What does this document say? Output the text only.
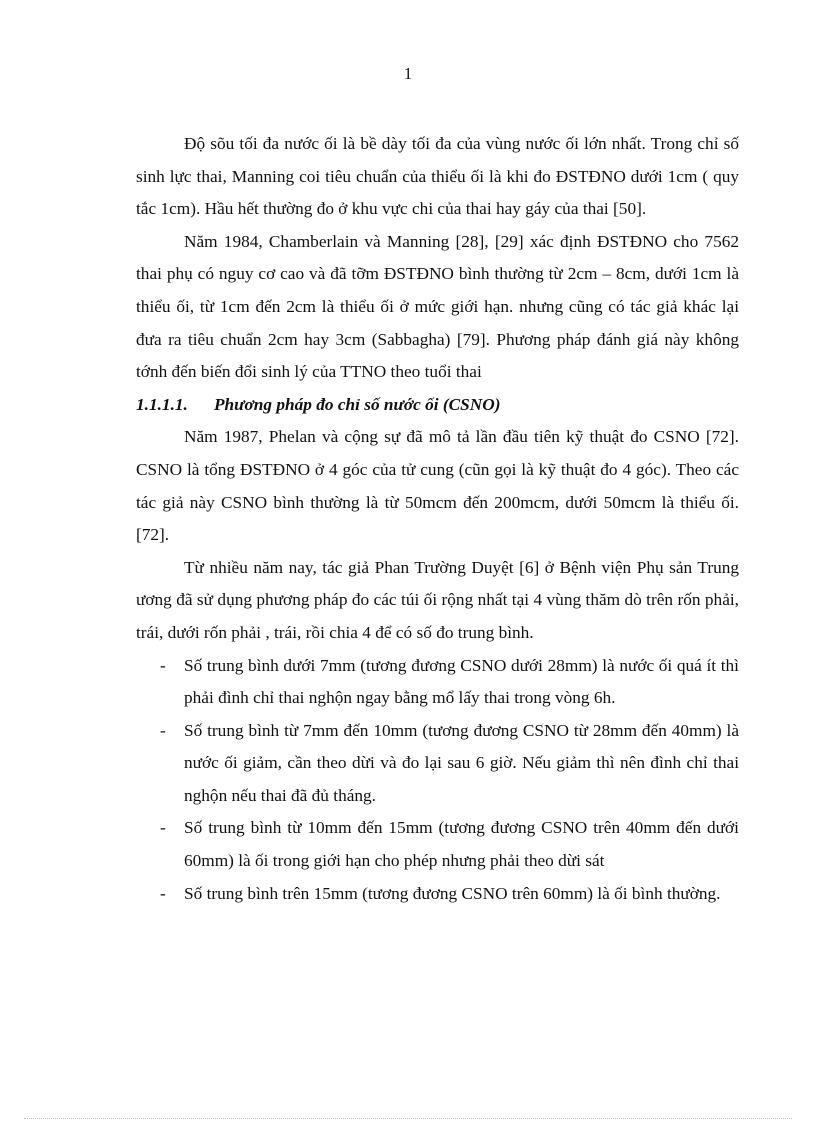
1

Độ sõu tối đa nước ối là bề dày tối đa của vùng nước ối lớn nhất. Trong chỉ số sinh lực thai, Manning coi tiêu chuẩn của thiểu ối là khi đo ĐSTĐNO dưới 1cm ( quy tắc 1cm). Hầu hết thường đo ở khu vực chi của thai hay gáy của thai [50].

Năm 1984, Chamberlain và Manning [28], [29] xác định ĐSTĐNO cho 7562 thai phụ có nguy cơ cao và đã tỡm ĐSTĐNO bình thường từ 2cm – 8cm, dưới 1cm là thiểu ối, từ 1cm đến 2cm là thiểu ối ở mức giới hạn. nhưng cũng có tác giả khác lại đưa ra tiêu chuẩn 2cm hay 3cm (Sabbagha) [79]. Phương pháp đánh giá này không tớnh đến biến đổi sinh lý của TTNO theo tuổi thai

1.1.1.1.	Phương pháp đo chỉ số nước ối (CSNO)

Năm 1987, Phelan và cộng sự đã mô tả lần đầu tiên kỹ thuật đo CSNO [72]. CSNO là tổng ĐSTĐNO ở 4 góc của tử cung (cũn gọi là kỹ thuật đo 4 góc). Theo các tác giả này CSNO bình thường là từ 50mcm đến 200mcm, dưới 50mcm là thiểu ối.[72].

Từ nhiều năm nay, tác giả Phan Trường Duyệt [6] ở Bệnh viện Phụ sản Trung ương đã sử dụng phương pháp đo các túi ối rộng nhất tại 4 vùng thăm dò trên rốn phải, trái, dưới rốn phải , trái, rồi chia 4 để có số đo trung bình.

- Số trung bình dưới 7mm (tương đương CSNO dưới 28mm) là nước ối quá ít thì phải đình chỉ thai nghộn ngay bằng mổ lấy thai trong vòng 6h.
- Số trung bình từ 7mm đến 10mm (tương đương CSNO từ 28mm đến 40mm) là nước ối giảm, cần theo dừi và đo lại sau 6 giờ. Nếu giảm thì nên đình chỉ thai nghộn nếu thai đã đủ tháng.
- Số trung bình từ 10mm đến 15mm (tương đương CSNO trên 40mm đến dưới 60mm) là ối trong giới hạn cho phép nhưng phải theo dừi sát
- Số trung bình trên 15mm (tương đương CSNO trên 60mm) là ối bình thường.
